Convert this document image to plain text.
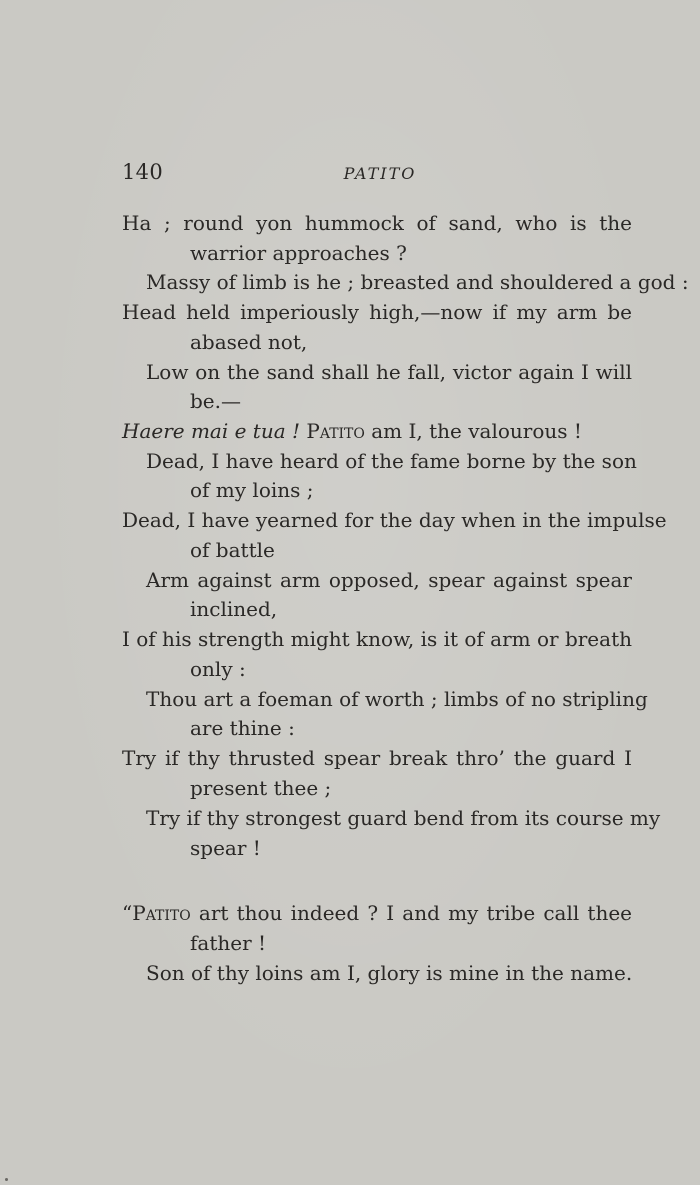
140	PATITO
Ha ; round yon hummock of sand, who is the
warrior approaches ?
Massy of limb is he ; breasted and shouldered a god :
Head held imperiously high,—now if my arm be
abased not,
Low on the sand shall he fall, victor again I will
be.—
Haere mai e tua ! Patito am I, the valourous !
Dead, I have heard of the fame borne by the son
of my loins ;
Dead, I have yearned for the day when in the impulse
of battle
Arm against arm opposed, spear against spear
inclined,
I of his strength might know, is it of arm or breath
only :
Thou art a foeman of worth ; limbs of no stripling
are thine :
Try if thy thrusted spear break thro’ the guard I
present thee ;
Try if thy strongest guard bend from its course my
spear !
“Patito art thou indeed ? I and my tribe call thee
father !
Son of thy loins am I, glory is mine in the name.
